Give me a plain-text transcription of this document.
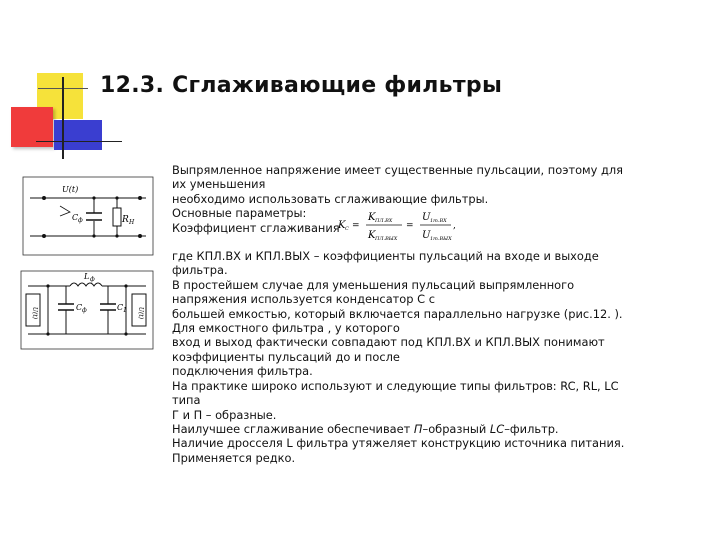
12.3. Сглаживающие фильтры
U(t)
C ф	R Н
L ф
C ф	C 1
U(t)	U(t)
Выпрямленное напряжение имеет существенные пульсации, поэтому для
их уменьшения
необходимо использовать сглаживающие фильтры.
Основные параметры:
Коэффициент сглаживания
где КПЛ.ВХ и КПЛ.ВЫХ – коэффициенты пульсаций на входе и выходе
фильтра.
В простейшем случае для уменьшения пульсаций выпрямленного
напряжения используется конденсатор С с
большей емкостью, который включается параллельно нагрузке (рис.12. ).
Для емкостного фильтра , у которого
вход и выход фактически совпадают под КПЛ.ВХ и КПЛ.ВЫХ понимают
коэффициенты пульсаций до и после
подключения фильтра.
На практике широко используют и следующие типы фильтров: RC, RL, LC
типа
Г и П – образные.
Наилучшее сглаживание обеспечивает П–образный LC–фильтр.
Наличие дросселя L фильтра утяжеляет конструкцию источника питания.
Применяется редко.
K C =
K ПЛ.ВХ
K ПЛ.ВЫХ
=
U 1m.ВХ
U 1m.ВЫХ
,
